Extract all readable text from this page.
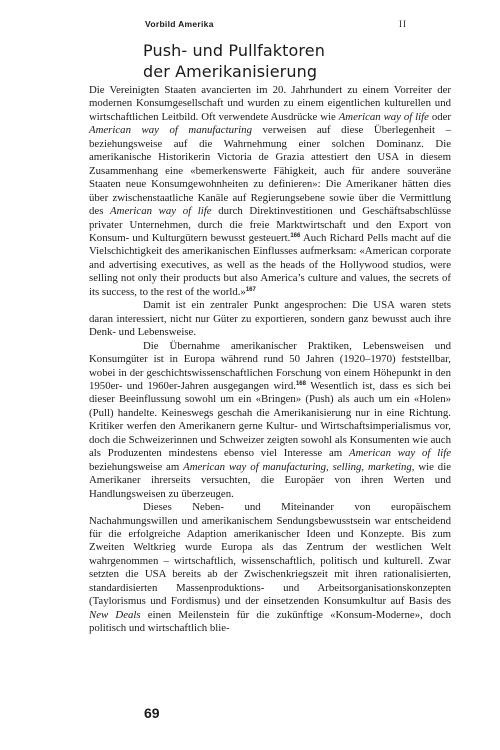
Vorbild Amerika	II
Push- und Pullfaktoren
der Amerikanisierung

Die Vereinigten Staaten avancierten im 20. Jahrhundert zu einem Vorreiter der modernen Konsumgesellschaft und wurden zu einem eigentlichen kulturellen und wirtschaftlichen Leitbild. Oft verwendete Ausdrücke wie American way of life oder American way of manufacturing verweisen auf diese Überlegenheit – beziehungsweise auf die Wahrnehmung einer solchen Dominanz. Die amerikanische Historikerin Victoria de Grazia attestiert den USA in diesem Zusammenhang eine «bemerkenswerte Fähigkeit, auch für andere souveräne Staaten neue Konsumgewohnheiten zu definieren»: Die Amerikaner hätten dies über zwischenstaatliche Kanäle auf Regierungsebene sowie über die Vermittlung des American way of life durch Direktinvestitionen und Geschäftsabschlüsse privater Unternehmen, durch die freie Marktwirtschaft und den Export von Konsum- und Kulturgütern bewusst gesteuert.$^{166}$ Auch Richard Pells macht auf die Vielschichtigkeit des amerikanischen Einflusses aufmerksam: «American corporate and advertising executives, as well as the heads of the Hollywood studios, were selling not only their products but also America’s culture and values, the secrets of its success, to the rest of the world.»$^{167}$

Damit ist ein zentraler Punkt angesprochen: Die USA waren stets daran interessiert, nicht nur Güter zu exportieren, sondern ganz bewusst auch ihre Denk- und Lebensweise.

Die Übernahme amerikanischer Praktiken, Lebensweisen und Konsumgüter ist in Europa während rund 50 Jahren (1920–1970) feststellbar, wobei in der geschichtswissenschaftlichen Forschung von einem Höhepunkt in den 1950er- und 1960er-Jahren ausgegangen wird.$^{168}$ Wesentlich ist, dass es sich bei dieser Beeinflussung sowohl um ein «Bringen» (Push) als auch um ein «Holen» (Pull) handelte. Keineswegs geschah die Amerikanisierung nur in eine Richtung. Kritiker werfen den Amerikanern gerne Kultur- und Wirtschaftsimperialismus vor, doch die Schweizerinnen und Schweizer zeigten sowohl als Konsumenten wie auch als Produzenten mindestens ebenso viel Interesse am American way of life beziehungsweise am American way of manufacturing, selling, marketing, wie die Amerikaner ihrerseits versuchten, die Europäer von ihren Werten und Handlungsweisen zu überzeugen.

Dieses Neben- und Miteinander von europäischem Nachahmungswillen und amerikanischem Sendungsbewusstsein war entscheidend für die erfolgreiche Adaption amerikanischer Ideen und Konzepte. Bis zum Zweiten Weltkrieg wurde Europa als das Zentrum der westlichen Welt wahrgenommen – wirtschaftlich, wissenschaftlich, politisch und kulturell. Zwar setzten die USA bereits ab der Zwischenkriegszeit mit ihren rationalisierten, standardisierten Massenproduktions- und Arbeitsorganisationskonzepten (Taylorismus und Fordismus) und der einsetzenden Konsumkultur auf Basis des New Deals einen Meilenstein für die zukünftige «Konsum-Moderne», doch politisch und wirtschaftlich blie-

69
